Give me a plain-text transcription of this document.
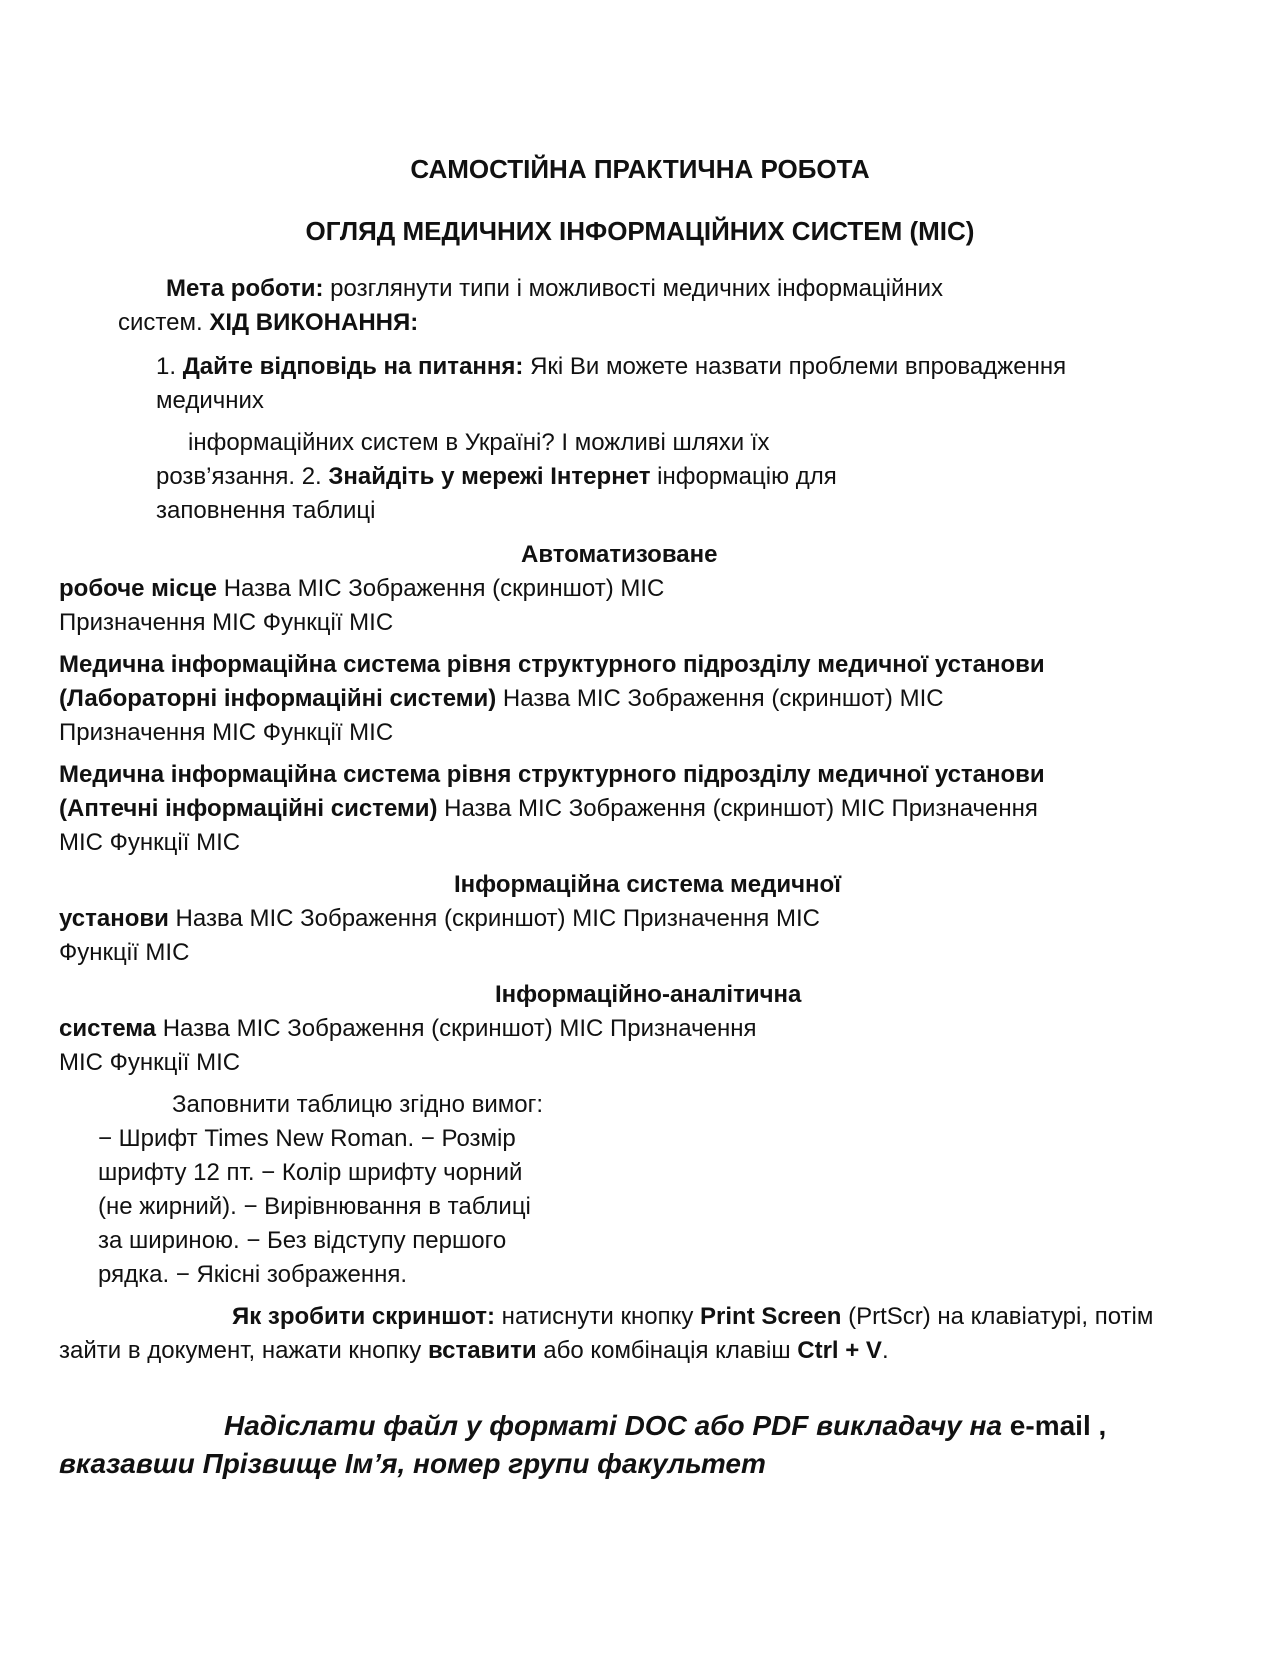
САМОСТІЙНА ПРАКТИЧНА РОБОТА
ОГЛЯД МЕДИЧНИХ ІНФОРМАЦІЙНИХ СИСТЕМ (МІС)
Мета роботи: розглянути типи і можливості медичних інформаційних
систем. ХІД ВИКОНАННЯ:
1. Дайте відповідь на питання: Які Ви можете назвати проблеми впровадження
медичних
інформаційних систем в Україні? І можливі шляхи їх
розв’язання. 2. Знайдіть у мережі Інтернет інформацію для
заповнення таблиці
Автоматизоване
робоче місце Назва МІС Зображення (скриншот) МІС
Призначення МІС Функції МІС
Медична інформаційна система рівня структурного підрозділу медичної установи
(Лабораторні інформаційні системи) Назва МІС Зображення (скриншот) МІС
Призначення МІС Функції МІС
Медична інформаційна система рівня структурного підрозділу медичної установи
(Аптечні інформаційні системи) Назва МІС Зображення (скриншот) МІС Призначення
МІС Функції МІС
Інформаційна система медичної
установи Назва МІС Зображення (скриншот) МІС Призначення МІС
Функції МІС
Інформаційно-аналітична
система Назва МІС Зображення (скриншот) МІС Призначення
МІС Функції МІС
Заповнити таблицю згідно вимог:
− Шрифт Times New Roman. − Розмір
шрифту 12 пт. − Колір шрифту чорний
(не жирний). − Вирівнювання в таблиці
за шириною. − Без відступу першого
рядка. − Якісні зображення.
Як зробити скриншот: натиснути кнопку Print Screen (PrtScr) на клавіатурі, потім
зайти в документ, нажати кнопку вставити або комбінація клавіш Ctrl + V.
Надіслати файл у форматі DOC або PDF викладачу на e-mail ,
вказавши Прізвище Ім’я, номер групи факультет
